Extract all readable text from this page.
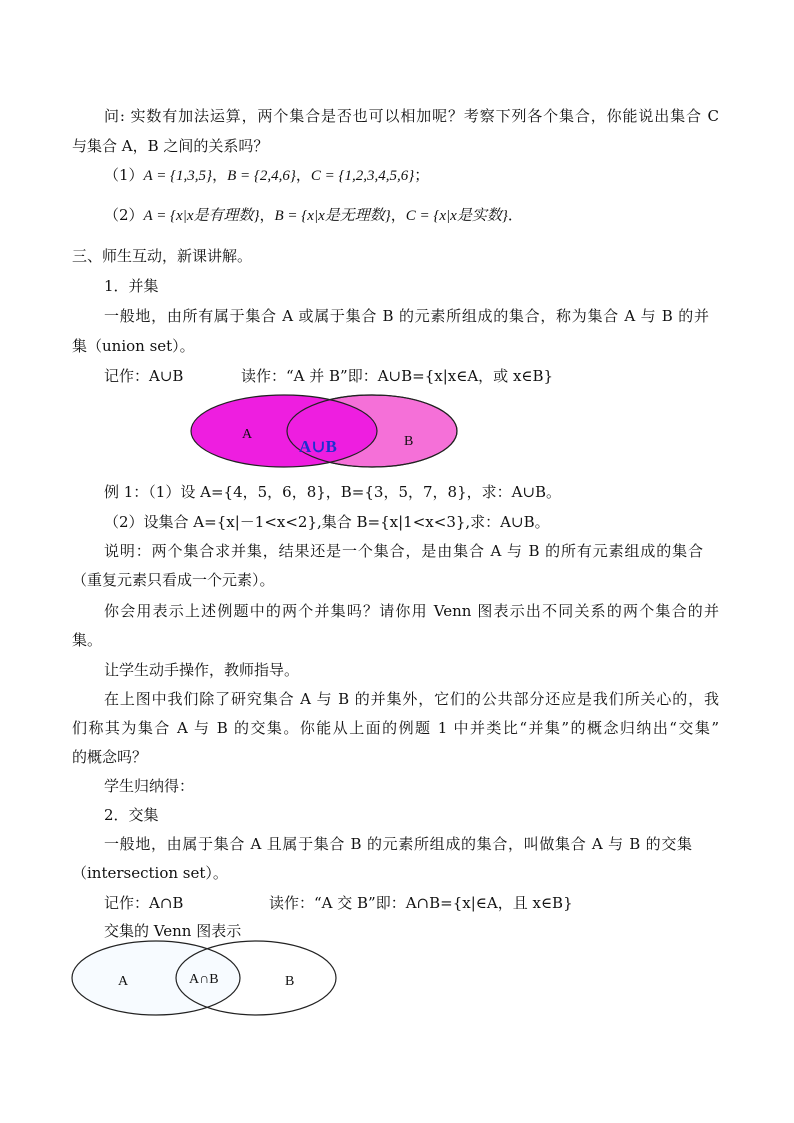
问: 实数有加法运算，两个集合是否也可以相加呢？考察下列各个集合，你能说出集合 C
与集合 A，B 之间的关系吗？
（1）A = {1,3,5}，B = {2,4,6}，C = {1,2,3,4,5,6}；
（2）A = {x|x是有理数}，B = {x|x是无理数}，C = {x|x是实数}．
三、师生互动，新课讲解。
1．并集
一般地，由所有属于集合 A 或属于集合 B 的元素所组成的集合，称为集合 A 与 B 的并
集（union set）。
记作：A∪B	读作：“A 并 B”即：A∪B={x|x∈A，或 x∈B}
A	B
A∪B
例 1：（1）设 A={4，5，6，8}，B={3，5，7，8}，求：A∪B。
（2）设集合 A={x|－1<x<2},集合 B={x|1<x<3},求：A∪B。
说明：两个集合求并集，结果还是一个集合，是由集合 A 与 B 的所有元素组成的集合
（重复元素只看成一个元素）。
你会用表示上述例题中的两个并集吗？请你用 Venn 图表示出不同关系的两个集合的并
集。
让学生动手操作，教师指导。
在上图中我们除了研究集合 A 与 B 的并集外，它们的公共部分还应是我们所关心的，我
们称其为集合 A 与 B 的交集。你能从上面的例题 1 中并类比“并集”的概念归纳出“交集”
的概念吗？
学生归纳得：
2．交集
一般地，由属于集合 A 且属于集合 B 的元素所组成的集合，叫做集合 A 与 B 的交集
（intersection set）。
记作：A∩B	读作：“A 交 B”即：A∩B={x|∈A，且 x∈B}
交集的 Venn 图表示
A	B
A∩B
